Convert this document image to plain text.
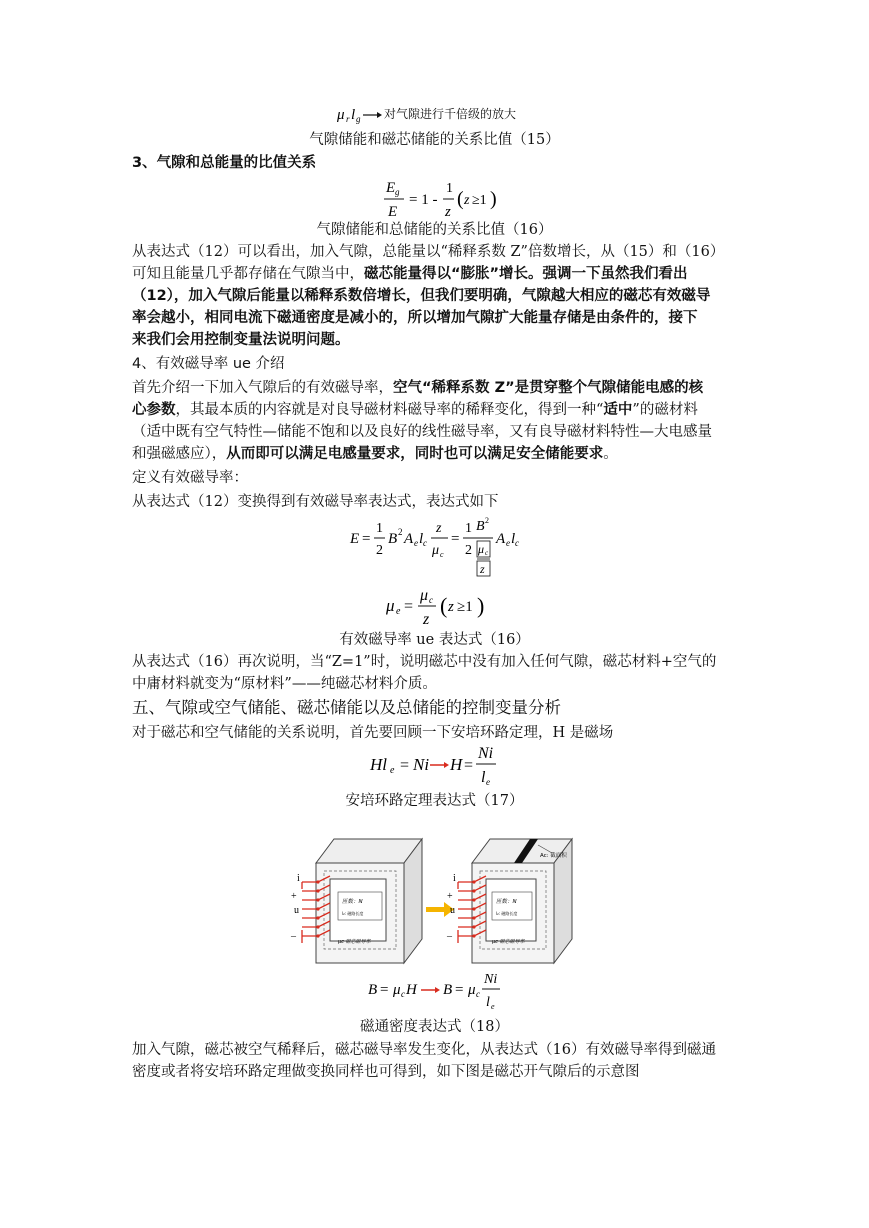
μ r l g 对气隙进行千倍级的放大
气隙储能和磁芯储能的关系比值（15）
3、气隙和总能量的比值关系
E g
E
= 1 -
1
z
( z ≥1 )
气隙储能和总储能的关系比值（16）
从表达式（12）可以看出，加入气隙，总能量以“稀释系数 Z”倍数增长，从（15）和（16）
可知且能量几乎都存储在气隙当中，磁芯能量得以“膨胀”增长。强调一下虽然我们看出
（12），加入气隙后能量以稀释系数倍增长，但我们要明确，气隙越大相应的磁芯有效磁导
率会越小，相同电流下磁通密度是减小的，所以增加气隙扩大能量存储是由条件的，接下
来我们会用控制变量法说明问题。
4、有效磁导率 ue 介绍
首先介绍一下加入气隙后的有效磁导率，空气“稀释系数 Z”是贯穿整个气隙储能电感的核
心参数，其最本质的内容就是对良导磁材料磁导率的稀释变化，得到一种“适中”的磁材料
（适中既有空气特性—储能不饱和以及良好的线性磁导率，又有良导磁材料特性—大电感量
和强磁感应），从而即可以满足电感量要求，同时也可以满足安全储能要求。
定义有效磁导率：
从表达式（12）变换得到有效磁导率表达式，表达式如下
E =
1
2
B 2 A e l c
z
μ c
=
1
2
B 2
μ c
z
A e l c
μ e =
μ c
z
( z ≥1 )
有效磁导率 ue 表达式（16）
从表达式（16）再次说明，当“Z=1”时，说明磁芯中没有加入任何气隙，磁芯材料+空气的
中庸材料就变为“原材料”——纯磁芯材料介质。
五、气隙或空气储能、磁芯储能以及总储能的控制变量分析
对于磁芯和空气储能的关系说明，首先要回顾一下安培环路定理，H 是磁场
Hl e = Ni H =
Ni
l e
安培环路定理表达式（17）
i
+
u
–
匝数：N
l₂: 磁路长度
μc 磁芯磁导率
Ac: 截面积
i
+
u
–
匝数：N
l₂: 磁路长度
μc 磁芯磁导率
B = μ c H B = μ c
Ni
l e
磁通密度表达式（18）
加入气隙，磁芯被空气稀释后，磁芯磁导率发生变化，从表达式（16）有效磁导率得到磁通
密度或者将安培环路定理做变换同样也可得到，如下图是磁芯开气隙后的示意图
